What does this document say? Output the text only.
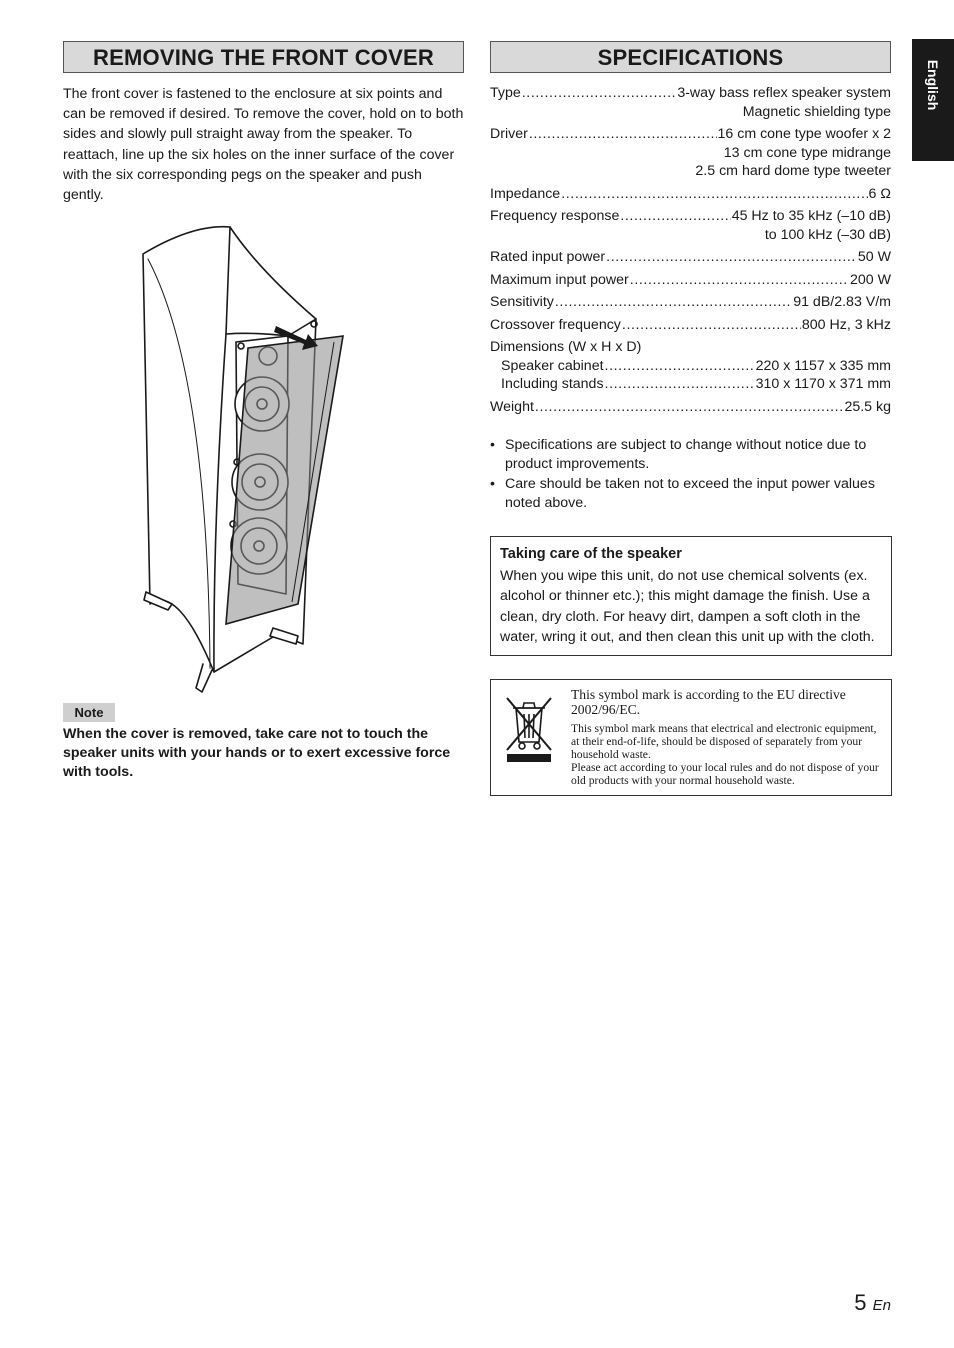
REMOVING THE FRONT COVER	SPECIFICATIONS
English
The front cover is fastened to the enclosure at six points and can be removed if desired. To remove the cover, hold on to both sides and slowly pull straight away from the speaker. To reattach, line up the six holes on the inner surface of the cover with the six corresponding pegs on the speaker and push gently.
Note
When the cover is removed, take care not to touch the speaker units with your hands or to exert excessive force with tools.
Type .....	3-way bass reflex speaker system
Magnetic shielding type
Driver .....	16 cm cone type woofer x 2
13 cm cone type midrange
2.5 cm hard dome type tweeter
Impedance .....	6 Ω
Frequency response .....	45 Hz to 35 kHz (–10 dB)
to 100 kHz (–30 dB)
Rated input power .....	50 W
Maximum input power .....	200 W
Sensitivity .....	91 dB/2.83 V/m
Crossover frequency .....	800 Hz, 3 kHz
Dimensions (W x H x D)
Speaker cabinet .....	220 x 1157 x 335 mm
Including stands .....	310 x 1170 x 371 mm
Weight .....	25.5 kg
• Specifications are subject to change without notice due to product improvements.
• Care should be taken not to exceed the input power values noted above.
Taking care of the speaker
When you wipe this unit, do not use chemical solvents (ex. alcohol or thinner etc.); this might damage the finish. Use a clean, dry cloth. For heavy dirt, dampen a soft cloth in the water, wring it out, and then clean this unit up with the cloth.
This symbol mark is according to the EU directive 2002/96/EC.
This symbol mark means that electrical and electronic equipment, at their end-of-life, should be disposed of separately from your household waste.
Please act according to your local rules and do not dispose of your old products with your normal household waste.
5 En
